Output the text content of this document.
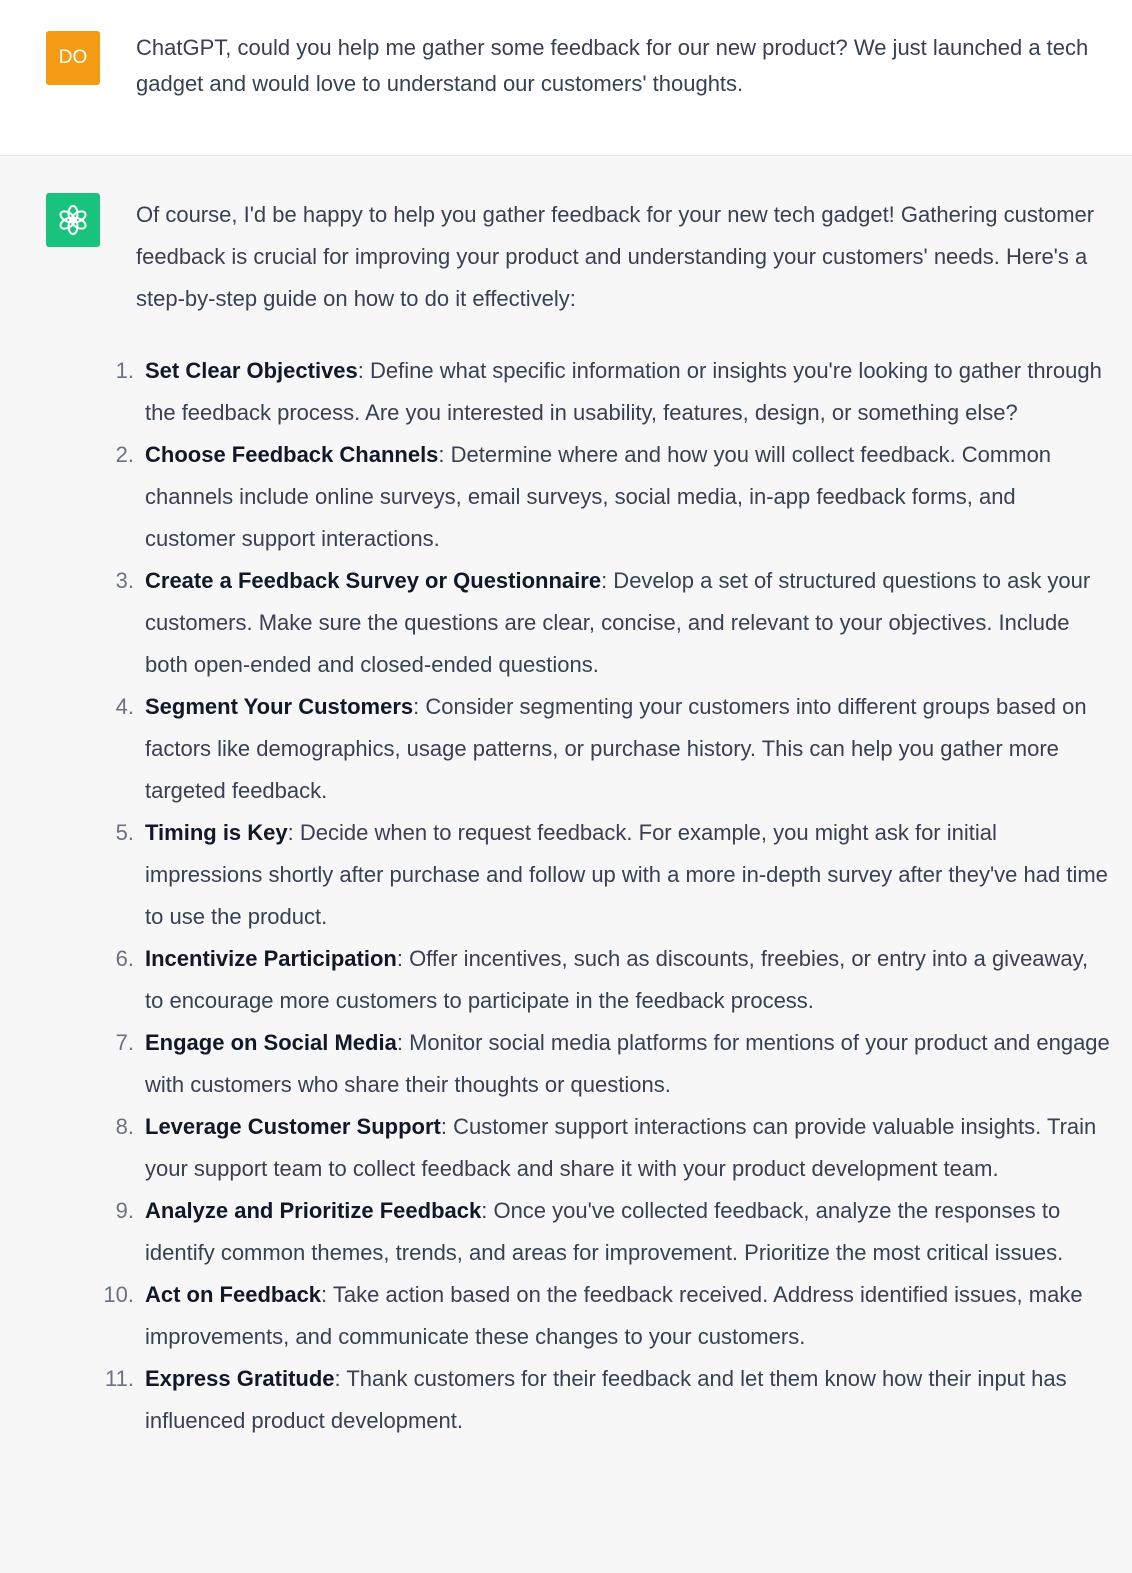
DO ChatGPT, could you help me gather some feedback for our new product? We just launched a tech gadget and would love to understand our customers' thoughts.

Of course, I'd be happy to help you gather feedback for your new tech gadget! Gathering customer feedback is crucial for improving your product and understanding your customers' needs. Here's a step-by-step guide on how to do it effectively:

1. Set Clear Objectives: Define what specific information or insights you're looking to gather through the feedback process. Are you interested in usability, features, design, or something else?
2. Choose Feedback Channels: Determine where and how you will collect feedback. Common channels include online surveys, email surveys, social media, in-app feedback forms, and customer support interactions.
3. Create a Feedback Survey or Questionnaire: Develop a set of structured questions to ask your customers. Make sure the questions are clear, concise, and relevant to your objectives. Include both open-ended and closed-ended questions.
4. Segment Your Customers: Consider segmenting your customers into different groups based on factors like demographics, usage patterns, or purchase history. This can help you gather more targeted feedback.
5. Timing is Key: Decide when to request feedback. For example, you might ask for initial impressions shortly after purchase and follow up with a more in-depth survey after they've had time to use the product.
6. Incentivize Participation: Offer incentives, such as discounts, freebies, or entry into a giveaway, to encourage more customers to participate in the feedback process.
7. Engage on Social Media: Monitor social media platforms for mentions of your product and engage with customers who share their thoughts or questions.
8. Leverage Customer Support: Customer support interactions can provide valuable insights. Train your support team to collect feedback and share it with your product development team.
9. Analyze and Prioritize Feedback: Once you've collected feedback, analyze the responses to identify common themes, trends, and areas for improvement. Prioritize the most critical issues.
10. Act on Feedback: Take action based on the feedback received. Address identified issues, make improvements, and communicate these changes to your customers.
11. Express Gratitude: Thank customers for their feedback and let them know how their input has influenced product development.
